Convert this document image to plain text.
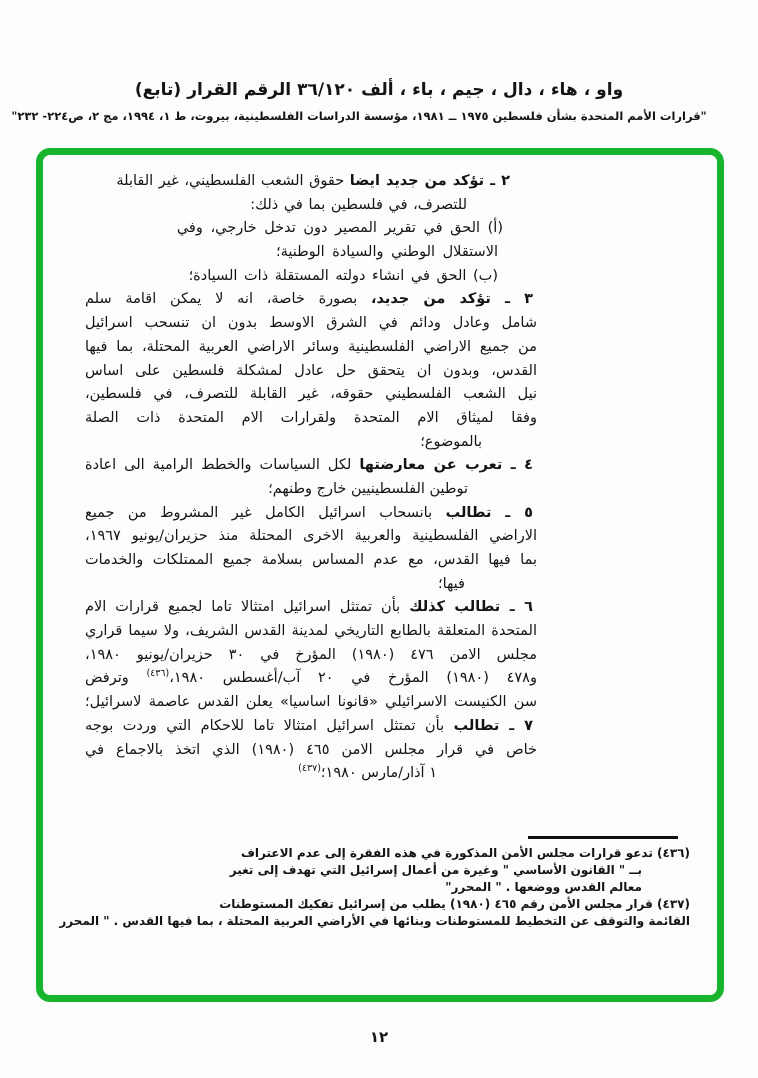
(تابع) القرار الرقم ٣٦/١٢٠ ألف ، باء ، جيم ، دال ، هاء ، واو
"قرارات الأمم المتحدة بشأن فلسطين ١٩٧٥ ــ ١٩٨١، مؤسسة الدراسات الفلسطينية، بيروت، ط ١، ١٩٩٤، مج ٢، ص٢٢٤- ٢٣٢"
٢ ـ تؤكد من جديد ايضا حقوق الشعب الفلسطيني، غير القابلة
للتصرف، في فلسطين بما في ذلك:
(أ) الحق في تقرير المصير دون تدخل خارجي، وفي
الاستقلال الوطني والسيادة الوطنية؛
(ب) الحق في انشاء دولته المستقلة ذات السيادة؛
٣ ـ تؤكد من جديد، بصورة خاصة، انه لا يمكن اقامة سلم
شامل وعادل ودائم في الشرق الاوسط بدون ان تنسحب اسرائيل
من جميع الاراضي الفلسطينية وسائر الاراضي العربية المحتلة، بما فيها
القدس، وبدون ان يتحقق حل عادل لمشكلة فلسطين على اساس
نيل الشعب الفلسطيني حقوقه، غير القابلة للتصرف، في فلسطين،
وفقا لميثاق الام المتحدة ولقرارات الام المتحدة ذات الصلة
بالموضوع؛
٤ ـ تعرب عن معارضتها لكل السياسات والخطط الرامية الى اعادة
توطين الفلسطينيين خارج وطنهم؛
٥ ـ تطالب بانسحاب اسرائيل الكامل غير المشروط من جميع
الاراضي الفلسطينية والعربية الاخرى المحتلة منذ حزيران/يونيو ١٩٦٧،
بما فيها القدس، مع عدم المساس بسلامة جميع الممتلكات والخدمات
فيها؛
٦ ـ تطالب كذلك بأن تمتثل اسرائيل امتثالا تاما لجميع قرارات الام
المتحدة المتعلقة بالطابع التاريخي لمدينة القدس الشريف، ولا سيما قراري
مجلس الامن ٤٧٦ (١٩٨٠) المؤرخ في ٣٠ حزيران/يونيو ١٩٨٠،
و٤٧٨ (١٩٨٠) المؤرخ في ٢٠ آب/أغسطس ١٩٨٠،$^{(٤٣٦)}$ وترفض
سن الكنيست الاسرائيلي «قانونا اساسيا» يعلن القدس عاصمة لاسرائيل؛
٧ ـ تطالب بأن تمتثل اسرائيل امتثالا تاما للاحكام التي وردت بوجه
خاص في قرار مجلس الامن ٤٦٥ (١٩٨٠) الذي اتخذ بالاجماع في
١ آذار/مارس ١٩٨٠؛$^{(٤٣٧)}$
(٤٣٦) تدعو قرارات مجلس الأمن المذكورة في هذه الفقرة إلى عدم الاعتراف
بــ " القانون الأساسي " وغيرة من أعمال إسرائيل التي تهدف إلى تغير
معالم القدس ووضعها . " المحرر"
(٤٣٧) قرار مجلس الأمن رقم ٤٦٥ (١٩٨٠) يطلب من إسرائيل تفكيك المستوطنات
القائمة والتوقف عن التخطيط للمستوطنات وبنائها في الأراضي العربية المحتلة ، بما فيها القدس . " المحرر
١٢
